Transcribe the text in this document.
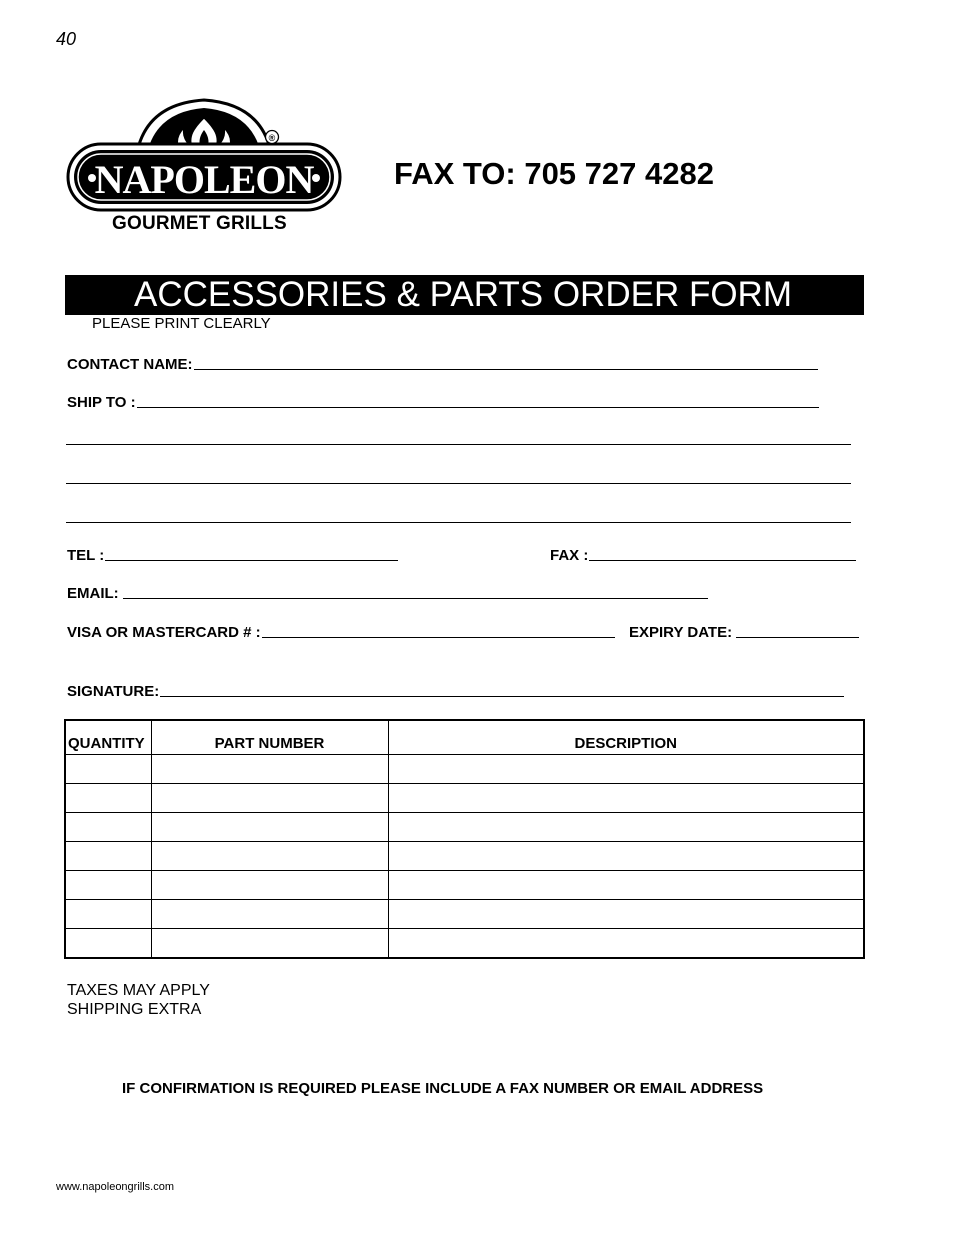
40
NAPOLEON
®
GOURMET GRILLS
FAX TO: 705 727 4282
ACCESSORIES & PARTS ORDER FORM
PLEASE PRINT CLEARLY
CONTACT NAME:
SHIP TO :
TEL :	FAX :
EMAIL:
VISA OR MASTERCARD # :	EXPIRY DATE:
SIGNATURE:
QUANTITY	PART NUMBER	DESCRIPTION

TAXES MAY APPLY
SHIPPING EXTRA
IF CONFIRMATION IS REQUIRED PLEASE INCLUDE A FAX NUMBER OR EMAIL ADDRESS
www.napoleongrills.com
